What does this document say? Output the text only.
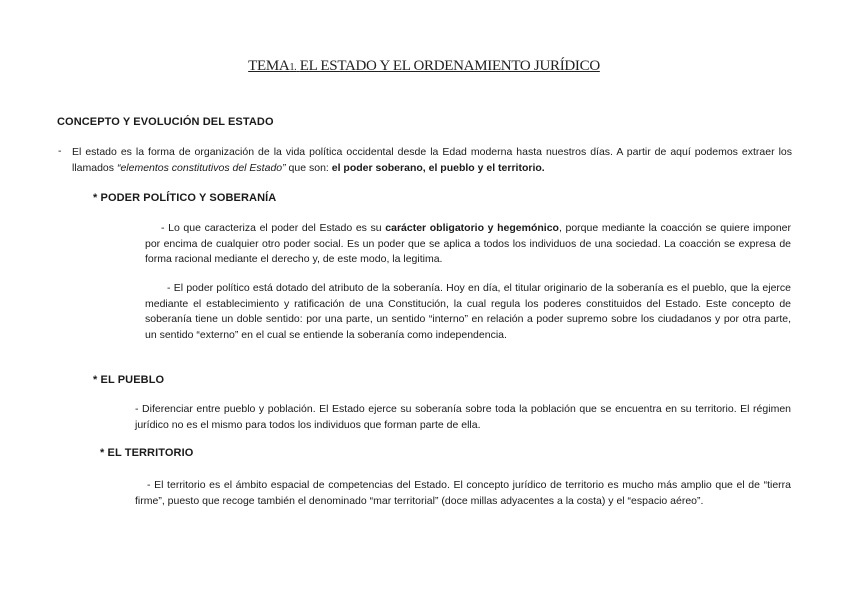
TEMA1. EL ESTADO Y EL ORDENAMIENTO JURÍDICO
CONCEPTO Y EVOLUCIÓN DEL ESTADO
- El estado es la forma de organización de la vida política occidental desde la Edad moderna hasta nuestros días. A partir de aquí podemos extraer los llamados “elementos constitutivos del Estado” que son: el poder soberano, el pueblo y el territorio.
* PODER POLÍTICO Y SOBERANÍA
- Lo que caracteriza el poder del Estado es su carácter obligatorio y hegemónico, porque mediante la coacción se quiere imponer por encima de cualquier otro poder social. Es un poder que se aplica a todos los individuos de una sociedad. La coacción se expresa de forma racional mediante el derecho y, de este modo, la legitima.
- El poder político está dotado del atributo de la soberanía. Hoy en día, el titular originario de la soberanía es el pueblo, que la ejerce mediante el establecimiento y ratificación de una Constitución, la cual regula los poderes constituidos del Estado. Este concepto de soberanía tiene un doble sentido: por una parte, un sentido “interno” en relación a poder supremo sobre los ciudadanos y por otra parte, un sentido “externo” en el cual se entiende la soberanía como independencia.
* EL PUEBLO
- Diferenciar entre pueblo y población. El Estado ejerce su soberanía sobre toda la población que se encuentra en su territorio. El régimen jurídico no es el mismo para todos los individuos que forman parte de ella.
* EL TERRITORIO
- El territorio es el ámbito espacial de competencias del Estado. El concepto jurídico de territorio es mucho más amplio que el de “tierra firme”, puesto que recoge también el denominado “mar territorial” (doce millas adyacentes a la costa) y el “espacio aéreo”.
